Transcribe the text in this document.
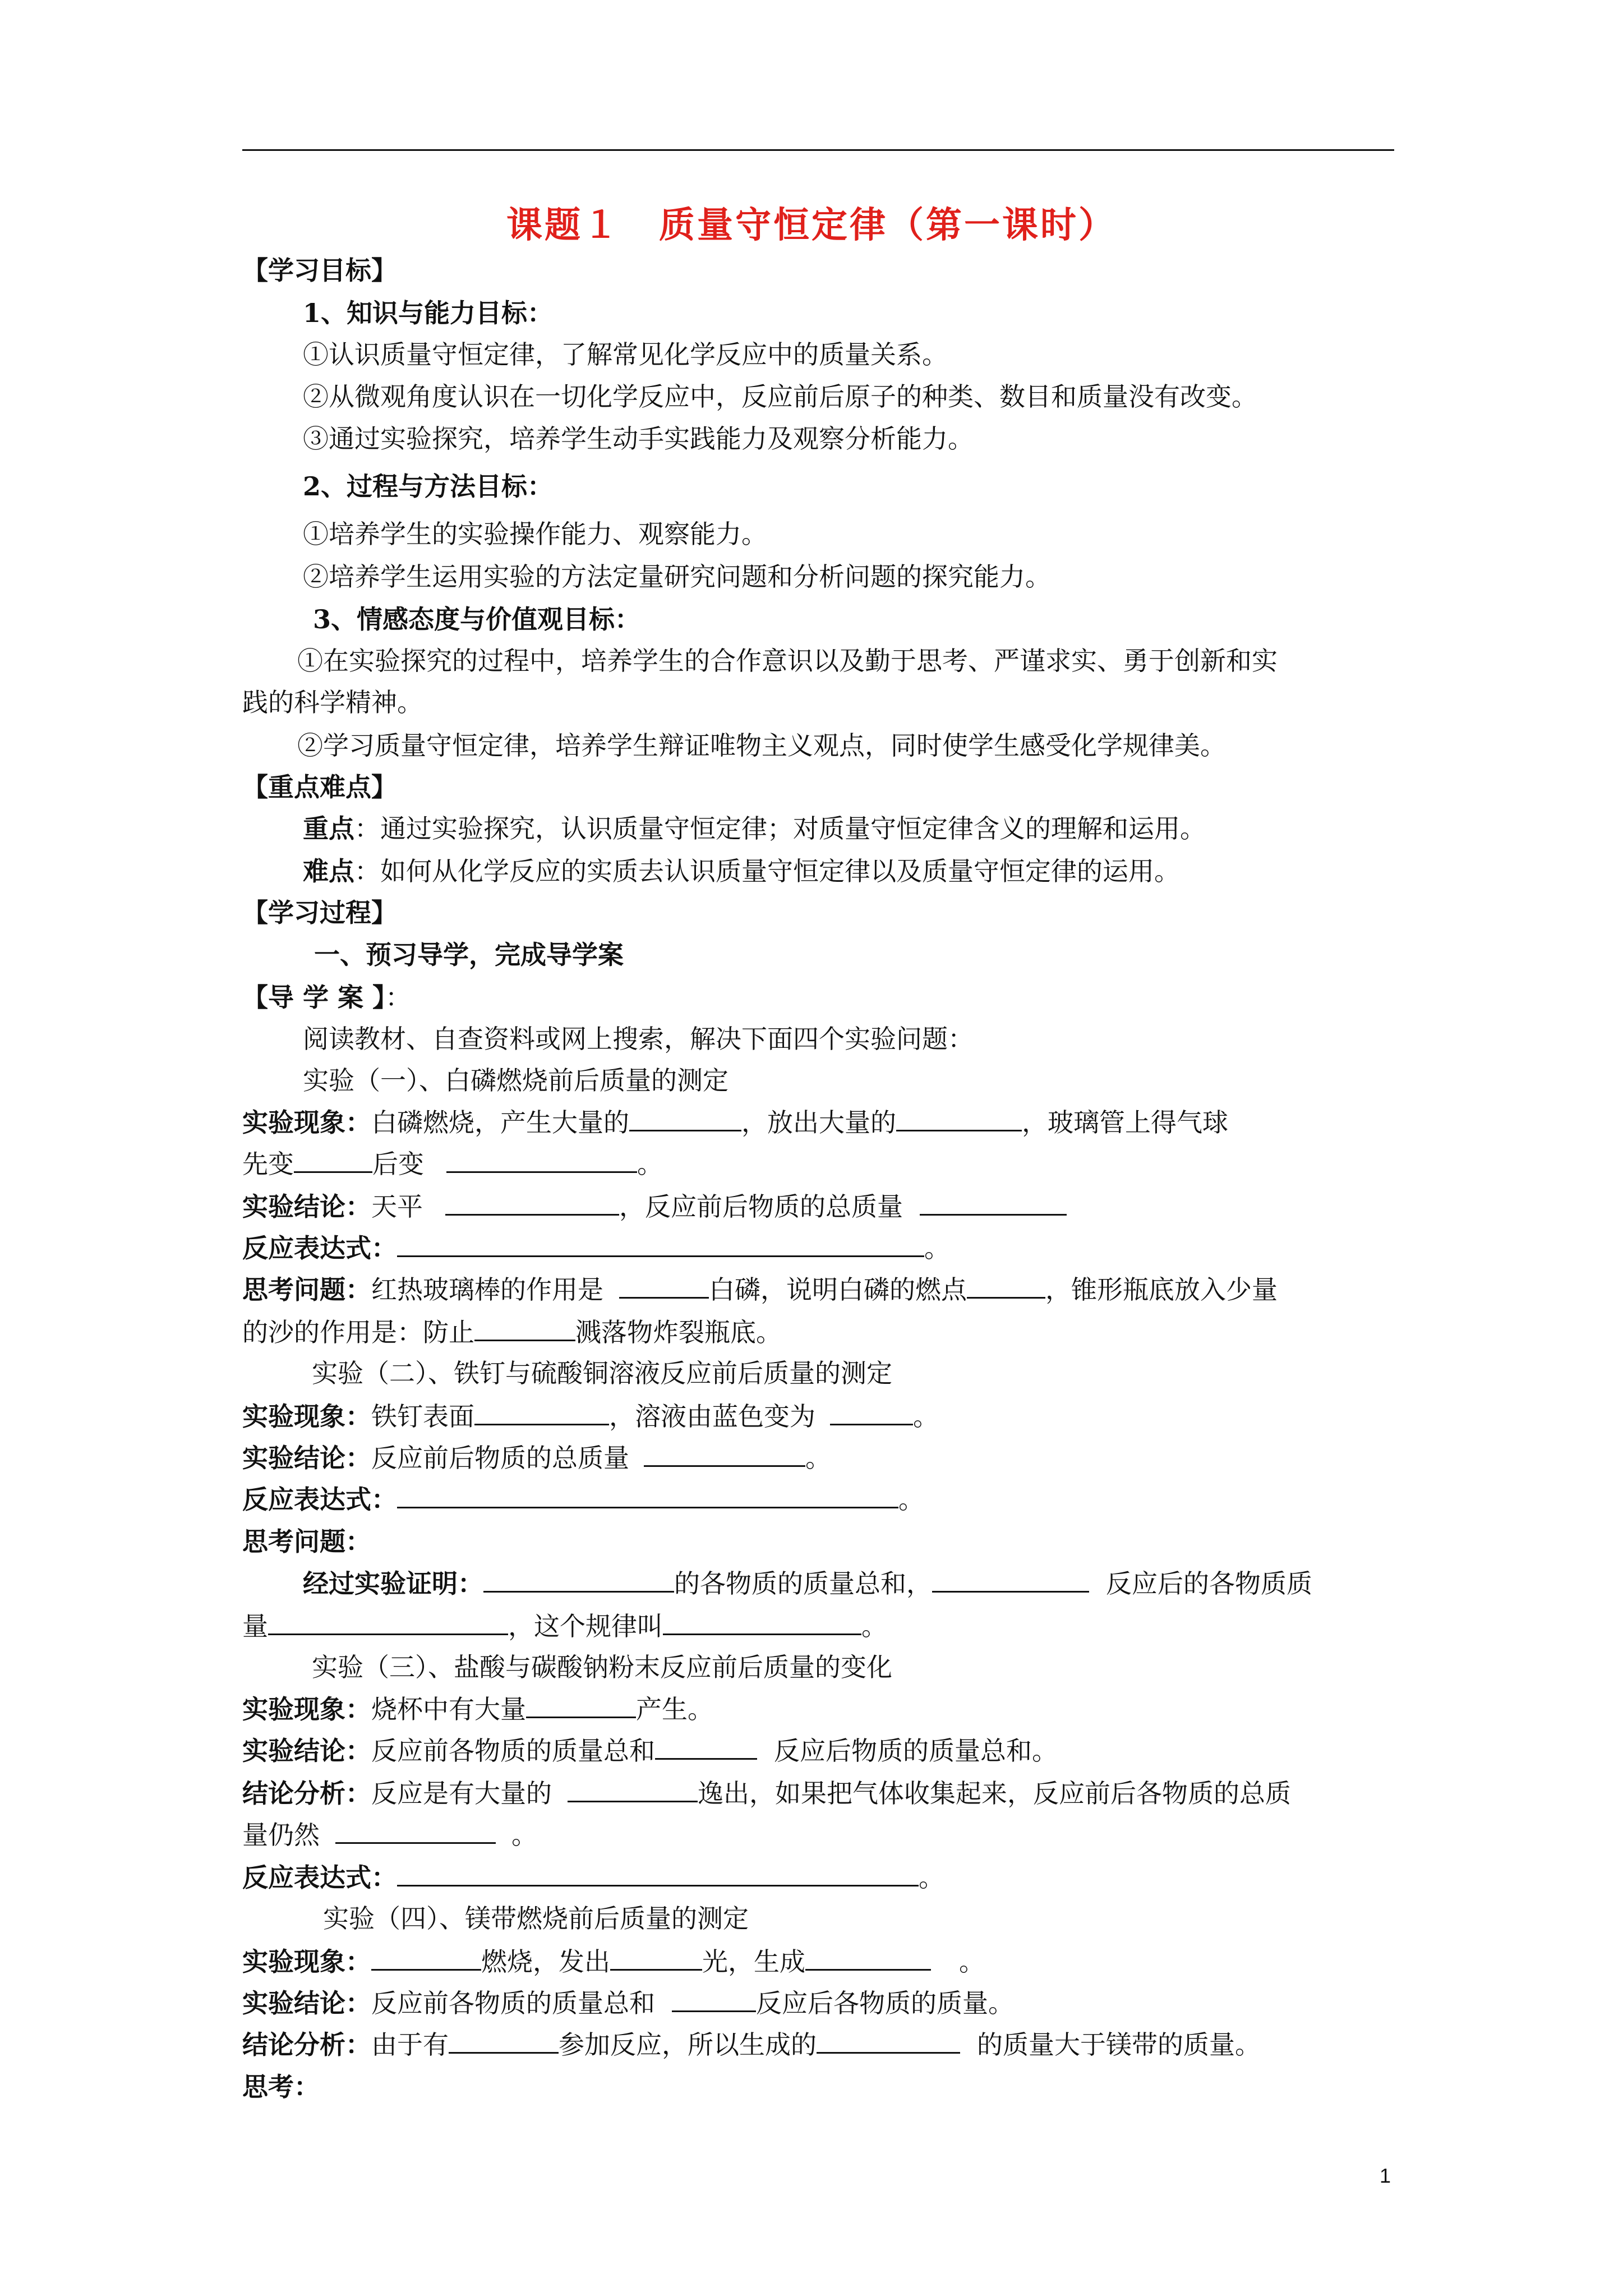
课题１　质量守恒定律（第一课时）
【学习目标】
1、知识与能力目标：
①认识质量守恒定律，了解常见化学反应中的质量关系。
②从微观角度认识在一切化学反应中，反应前后原子的种类、数目和质量没有改变。
③通过实验探究，培养学生动手实践能力及观察分析能力。
2、过程与方法目标：
①培养学生的实验操作能力、观察能力。
②培养学生运用实验的方法定量研究问题和分析问题的探究能力。
3、情感态度与价值观目标：
①在实验探究的过程中，培养学生的合作意识以及勤于思考、严谨求实、勇于创新和实
践的科学精神。
②学习质量守恒定律，培养学生辩证唯物主义观点，同时使学生感受化学规律美。
【重点难点】
重点：通过实验探究，认识质量守恒定律；对质量守恒定律含义的理解和运用。
难点：如何从化学反应的实质去认识质量守恒定律以及质量守恒定律的运用。
【学习过程】
一、预习导学，完成导学案
【导 学 案 】：
阅读教材、自查资料或网上搜索，解决下面四个实验问题：
实验（一）、白磷燃烧前后质量的测定
实验现象：白磷燃烧，产生大量的	，放出大量的	，玻璃管上得气球
先变	后变	。
实验结论：天平	，反应前后物质的总质量
反应表达式：	。
思考问题：红热玻璃棒的作用是	白磷，说明白磷的燃点	，锥形瓶底放入少量
的沙的作用是：防止	溅落物炸裂瓶底。
实验（二）、铁钉与硫酸铜溶液反应前后质量的测定
实验现象：铁钉表面	，溶液由蓝色变为	。
实验结论：反应前后物质的总质量	。
反应表达式：	。
思考问题：
经过实验证明：	的各物质的质量总和，	反应后的各物质质
量	，这个规律叫	。
实验（三）、盐酸与碳酸钠粉末反应前后质量的变化
实验现象：烧杯中有大量	产生。
实验结论：反应前各物质的质量总和	反应后物质的质量总和。
结论分析：反应是有大量的	逸出，如果把气体收集起来，反应前后各物质的总质
量仍然	。
反应表达式：	。
实验（四）、镁带燃烧前后质量的测定
实验现象：	燃烧，发出	光，生成	。
实验结论：反应前各物质的质量总和	反应后各物质的质量。
结论分析：由于有	参加反应，所以生成的	的质量大于镁带的质量。
思考：
1
